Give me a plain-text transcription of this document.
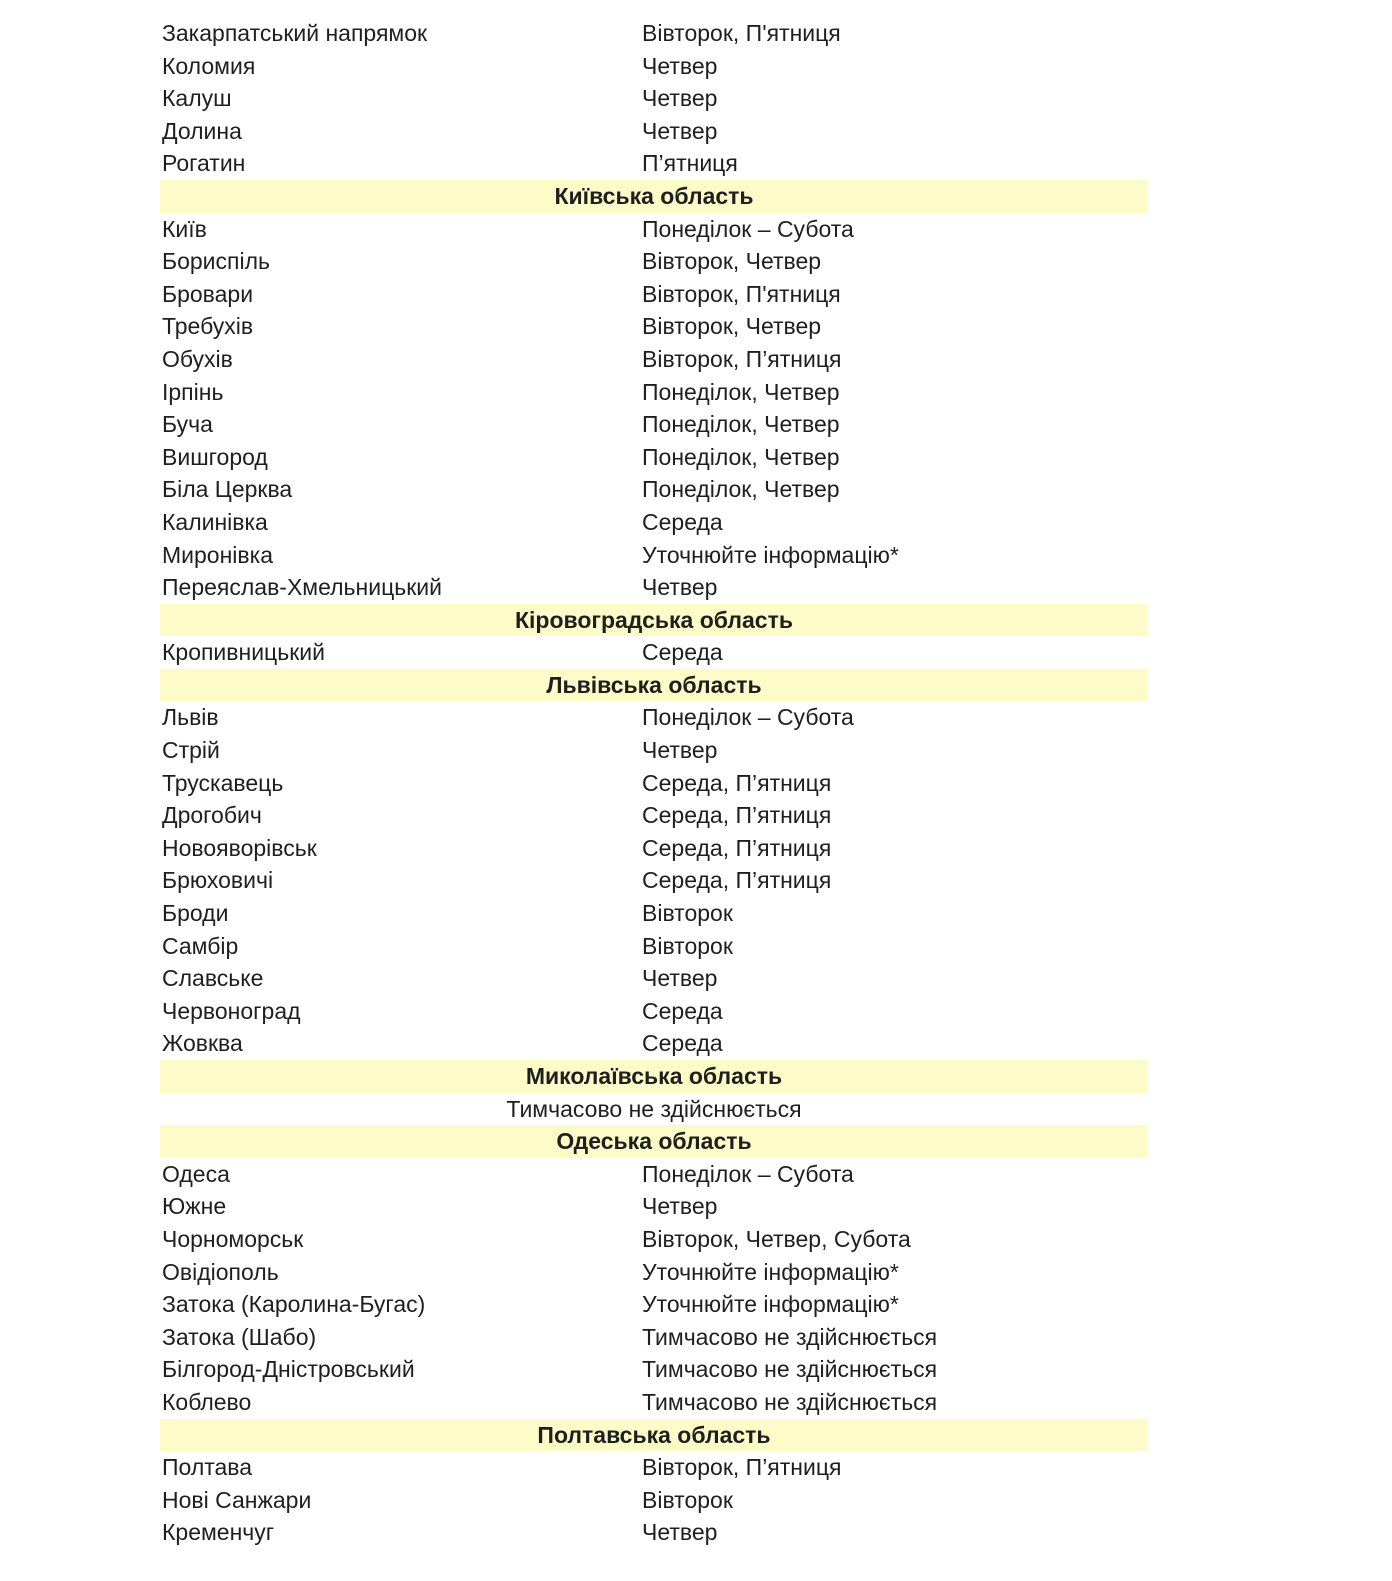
Закарпатський напрямок	Вівторок, П'ятниця
Коломия	Четвер
Калуш	Четвер
Долина	Четвер
Рогатин	П’ятниця
Київська область
Київ	Понеділок – Субота
Бориспіль	Вівторок, Четвер
Бровари	Вівторок, П'ятниця
Требухів	Вівторок, Четвер
Обухів	Вівторок, П’ятниця
Ірпінь	Понеділок, Четвер
Буча	Понеділок, Четвер
Вишгород	Понеділок, Четвер
Біла Церква	Понеділок, Четвер
Калинівка	Середа
Миронівка	Уточнюйте інформацію*
Переяслав-Хмельницький	Четвер
Кіровоградська область
Кропивницький	Середа
Львівська область
Львів	Понеділок – Субота
Стрій	Четвер
Трускавець	Середа, П’ятниця
Дрогобич	Середа, П’ятниця
Новояворівськ	Середа, П’ятниця
Брюховичі	Середа, П’ятниця
Броди	Вівторок
Самбір	Вівторок
Славське	Четвер
Червоноград	Середа
Жовква	Середа
Миколаївська область
Тимчасово не здійснюється
Одеська область
Одеса	Понеділок – Субота
Южне	Четвер
Чорноморськ	Вівторок, Четвер, Субота
Овідіополь	Уточнюйте інформацію*
Затока (Каролина-Бугас)	Уточнюйте інформацію*
Затока (Шабо)	Тимчасово не здійснюється
Білгород-Дністровський	Тимчасово не здійснюється
Коблево	Тимчасово не здійснюється
Полтавська область
Полтава	Вівторок, П’ятниця
Нові Санжари	Вівторок
Кременчуг	Четвер
